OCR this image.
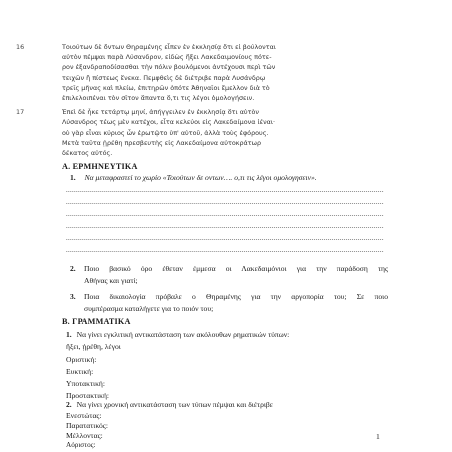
16	Τοιούτων δὲ ὄντων Θηραμένης εἶπεν ἐν ἐκκλησίᾳ ὅτι εἰ βούλονται
αὐτὸν πέμψαι παρὰ Λύσανδρον, εἰδὼς ἥξει Λακεδαιμονίους πότε-
ρον ἐξανδραποδίσασθαι τὴν πόλιν βουλόμενοι ἀντέχουσι περὶ τῶν
τειχῶν ἢ πίστεως ἕνεκα. Πεμφθεὶς δὲ διέτριβε παρὰ Λυσάνδρῳ
τρεῖς μῆνας καὶ πλείω, ἐπιτηρῶν ὁπότε Ἀθηναῖοι ἔμελλον διὰ τὸ
ἐπιλελοιπέναι τὸν σῖτον ἅπαντα ὅ,τι τις λέγοι ὁμολογήσειν.
17	Ἐπεὶ δὲ ἧκε τετάρτῳ μηνί, ἀπήγγειλεν ἐν ἐκκλησίᾳ ὅτι αὐτὸν
Λύσανδρος τέως μὲν κατέχοι, εἶτα κελεύοι εἰς Λακεδαίμονα ἰέναι·
οὐ γὰρ εἶναι κύριος ὧν ἐρωτῷτο ὑπ' αὐτοῦ, ἀλλὰ τοὺς ἐφόρους.
Μετὰ ταῦτα ᾑρέθη πρεσβευτὴς εἰς Λακεδαίμονα αὐτοκράτωρ
δέκατος αὐτός.
Α. ΕΡΜΗΝΕΥΤΙΚΑ
1. Να μεταφραστεί το χωρίο «Τοιούτων δε οντων…. ο,τι τις λέγοι ομολογησειν».
...............................................................................................................................................................
...............................................................................................................................................................
...............................................................................................................................................................
...............................................................................................................................................................
...............................................................................................................................................................
...............................................................................................................................................................
2. Ποιο βασικό όρο έθεταν έμμεσα οι Λακεδαιμόνιοι για την παράδοση της
Αθήνας και γιατί;
3. Ποια δικαιολογία πρόβαλε ο Θηραμένης για την αργοπορία του; Σε ποιο
συμπέρασμα καταλήγετε για το ποιόν του;
Β. ΓΡΑΜΜΑΤΙΚΑ
1. Να γίνει εγκλιτική αντικατάσταση των ακόλουθων ρηματικών τύπων:
ἥξει, ᾑρέθη, λέγοι
Οριστική:
Ευκτική:
Υποτακτική:
Προστακτική:
2. Να γίνει χρονική αντικατάσταση των τύπων πέμψαι και διέτριβε
Ενεστώτας:
Παρατατικός:
Μέλλοντας:	1
Αόριστος:
